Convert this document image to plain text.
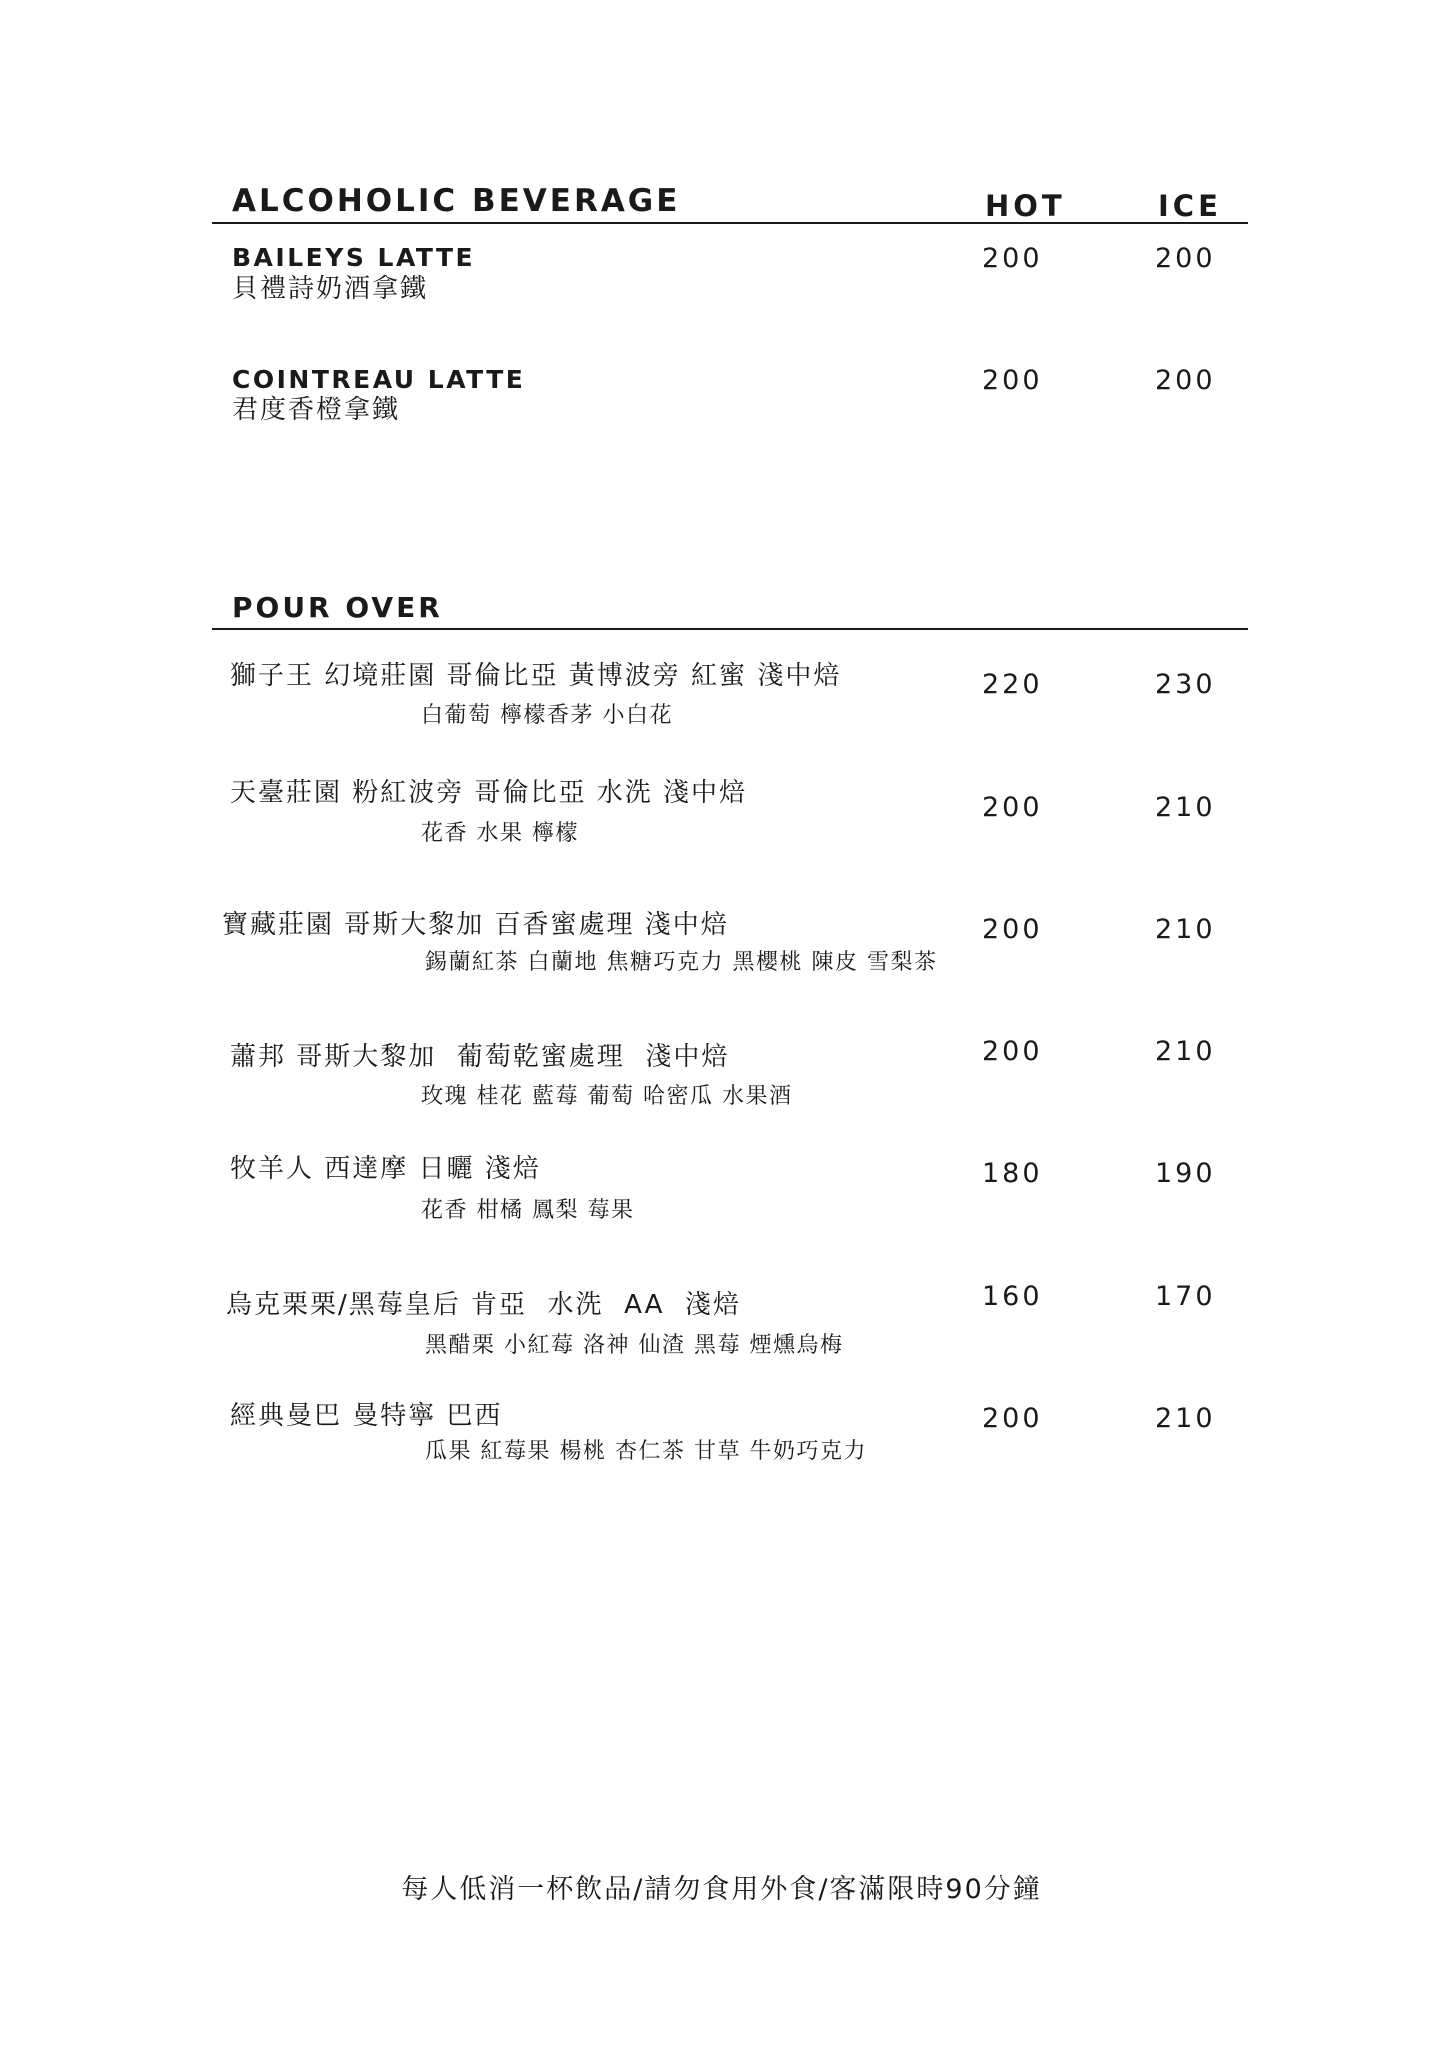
ALCOHOLIC BEVERAGE	HOT	ICE
BAILEYS LATTE
貝禮詩奶酒拿鐵
200	200
COINTREAU LATTE
君度香橙拿鐵
200	200
POUR OVER
獅子王 幻境莊園 哥倫比亞 黃博波旁 紅蜜 淺中焙
白葡萄 檸檬香茅 小白花
220	230
天臺莊園 粉紅波旁 哥倫比亞 水洗 淺中焙
花香 水果 檸檬
200	210
寶藏莊園 哥斯大黎加 百香蜜處理 淺中焙
錫蘭紅茶 白蘭地 焦糖巧克力 黑櫻桃 陳皮 雪梨茶
200	210
蕭邦 哥斯大黎加  葡萄乾蜜處理  淺中焙
玫瑰 桂花 藍莓 葡萄 哈密瓜 水果酒
200	210
牧羊人 西達摩 日曬 淺焙
花香 柑橘 鳳梨 莓果
180	190
烏克栗栗/黑莓皇后 肯亞  水洗  AA  淺焙
黑醋栗 小紅莓 洛神 仙渣 黑莓 煙燻烏梅
160	170
經典曼巴 曼特寧 巴西
瓜果 紅莓果 楊桃 杏仁茶 甘草 牛奶巧克力
200	210
每人低消一杯飲品/請勿食用外食/客滿限時90分鐘
